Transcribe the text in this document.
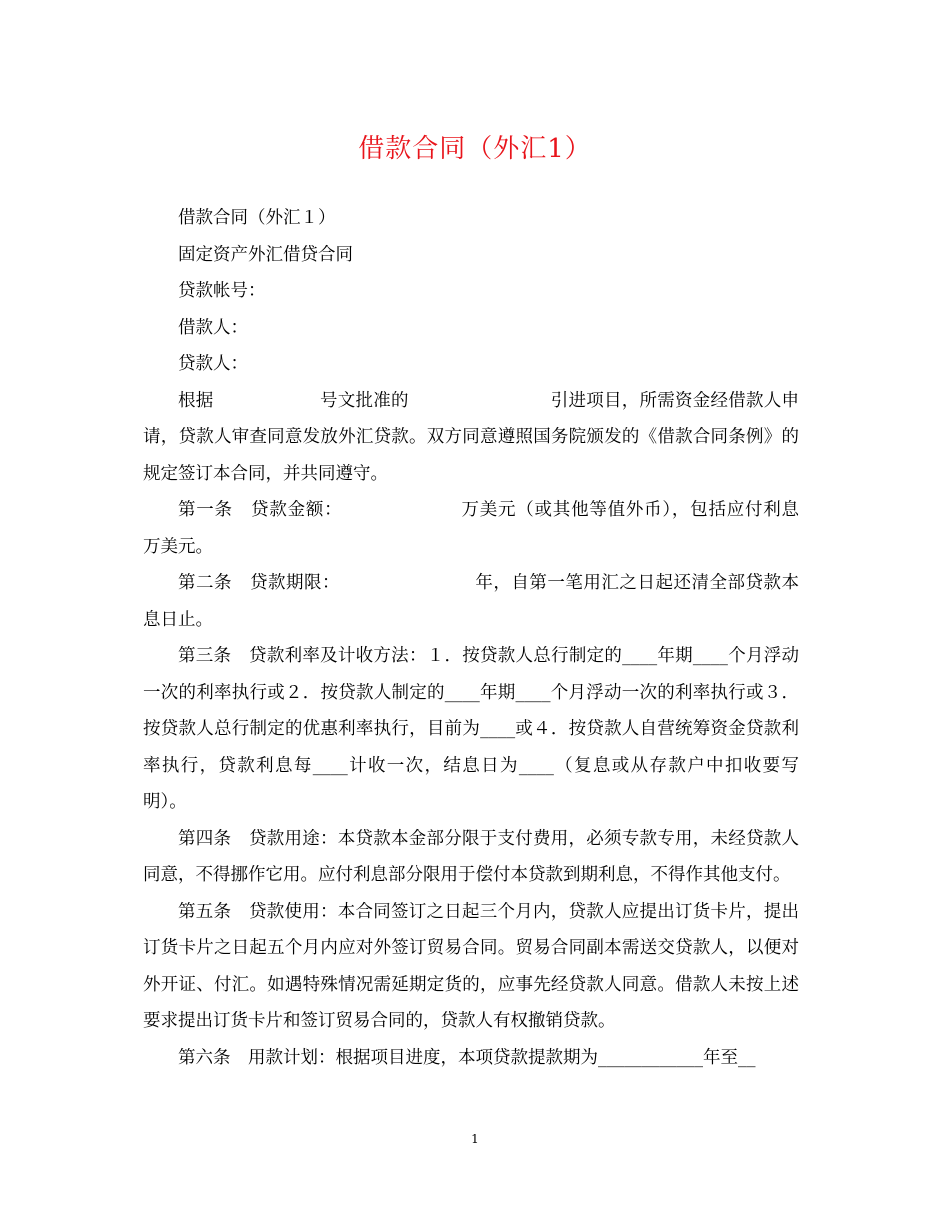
借款合同（外汇1）

借款合同（外汇１）

固定资产外汇借贷合同

贷款帐号：

借款人：

贷款人：

根据　　　　　　号文批准的　　　　　　　　引进项目，所需资金经借款人申请，贷款人审查同意发放外汇贷款。双方同意遵照国务院颁发的《借款合同条例》的规定签订本合同，并共同遵守。

第一条　贷款金额：　　　　　　　万美元（或其他等值外币），包括应付利息　　万美元。

第二条　贷款期限：　　　　　　　　年，自第一笔用汇之日起还清全部贷款本息日止。

第三条　贷款利率及计收方法：１．按贷款人总行制定的____年期____个月浮动一次的利率执行或２．按贷款人制定的____年期____个月浮动一次的利率执行或３．按贷款人总行制定的优惠利率执行，目前为____或４．按贷款人自营统筹资金贷款利率执行，贷款利息每____计收一次，结息日为____（复息或从存款户中扣收要写明）。

第四条　贷款用途：本贷款本金部分限于支付费用，必须专款专用，未经贷款人同意，不得挪作它用。应付利息部分限用于偿付本贷款到期利息，不得作其他支付。

第五条　贷款使用：本合同签订之日起三个月内，贷款人应提出订货卡片，提出订货卡片之日起五个月内应对外签订贸易合同。贸易合同副本需送交贷款人，以便对外开证、付汇。如遇特殊情况需延期定货的，应事先经贷款人同意。借款人未按上述要求提出订货卡片和签订贸易合同的，贷款人有权撤销贷款。

第六条　用款计划：根据项目进度，本项贷款提款期为____________年至__

1
